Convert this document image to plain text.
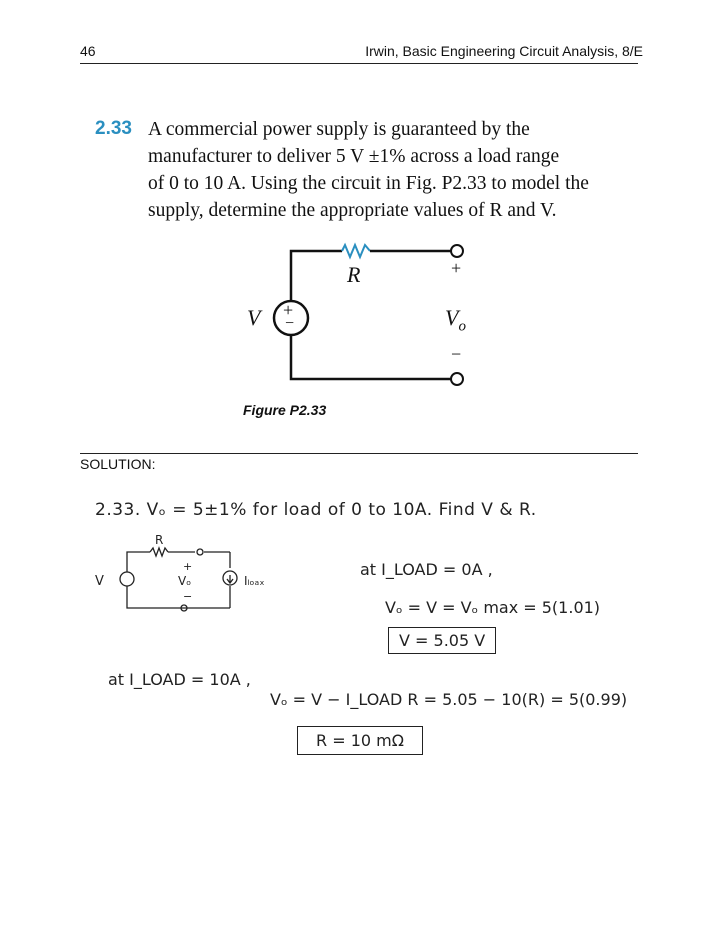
46	Irwin, Basic Engineering Circuit Analysis, 8/E
2.33 A commercial power supply is guaranteed by the
manufacturer to deliver 5 V ±1% across a load range
of 0 to 10 A. Using the circuit in Fig. P2.33 to model the
supply, determine the appropriate values of R and V.
+
−
R
V	$V_o$
+
−
Figure P2.33
SOLUTION:
2.33. Vₒ = 5±1% for load of 0 to 10A. Find V & R.
R
V	Vₒ	Iₗₒₐₓ
+
−
at I_LOAD = 0A ,
Vₒ = V = Vₒ max = 5(1.01)
V = 5.05 V
at I_LOAD = 10A ,
Vₒ = V − I_LOAD R = 5.05 − 10(R) = 5(0.99)
R = 10 mΩ
